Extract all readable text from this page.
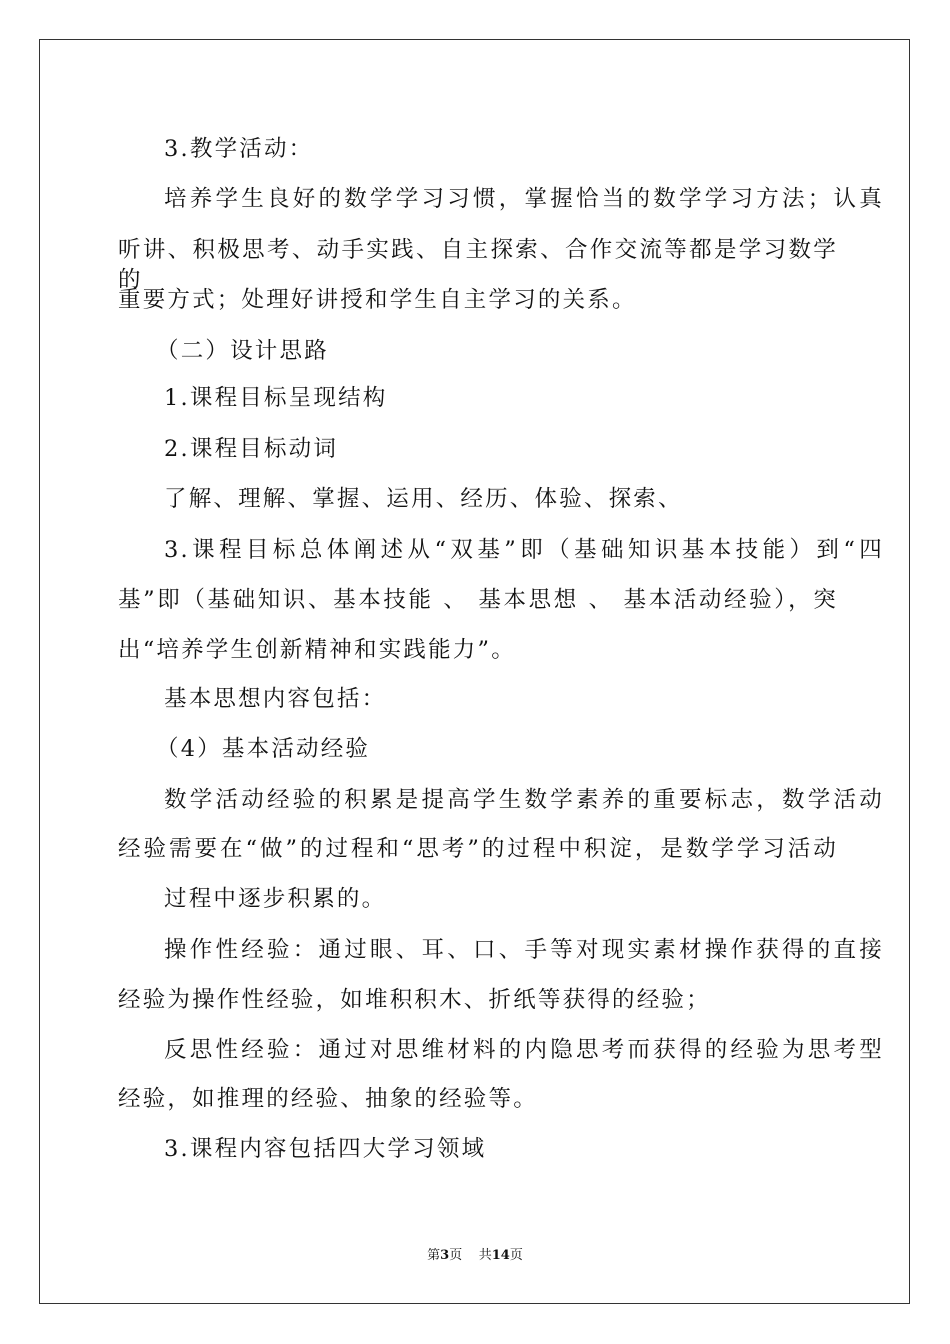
3.教学活动：
培养学生良好的数学学习习惯，掌握恰当的数学学习方法；认真
听讲、积极思考、动手实践、自主探索、合作交流等都是学习数学的
重要方式；处理好讲授和学生自主学习的关系。
（二）设计思路
1.课程目标呈现结构
2.课程目标动词
了解、理解、掌握、运用、经历、体验、探索、
3.课程目标总体阐述从“双基”即（基础知识基本技能）到“四
基”即（基础知识、基本技能 、 基本思想 、 基本活动经验），突
出“培养学生创新精神和实践能力”。
基本思想内容包括：
（4）基本活动经验
数学活动经验的积累是提高学生数学素养的重要标志，数学活动
经验需要在“做”的过程和“思考”的过程中积淀，是数学学习活动
过程中逐步积累的。
操作性经验：通过眼、耳、口、手等对现实素材操作获得的直接
经验为操作性经验，如堆积积木、折纸等获得的经验；
反思性经验：通过对思维材料的内隐思考而获得的经验为思考型
经验，如推理的经验、抽象的经验等。
3.课程内容包括四大学习领域
第3页 共14页
